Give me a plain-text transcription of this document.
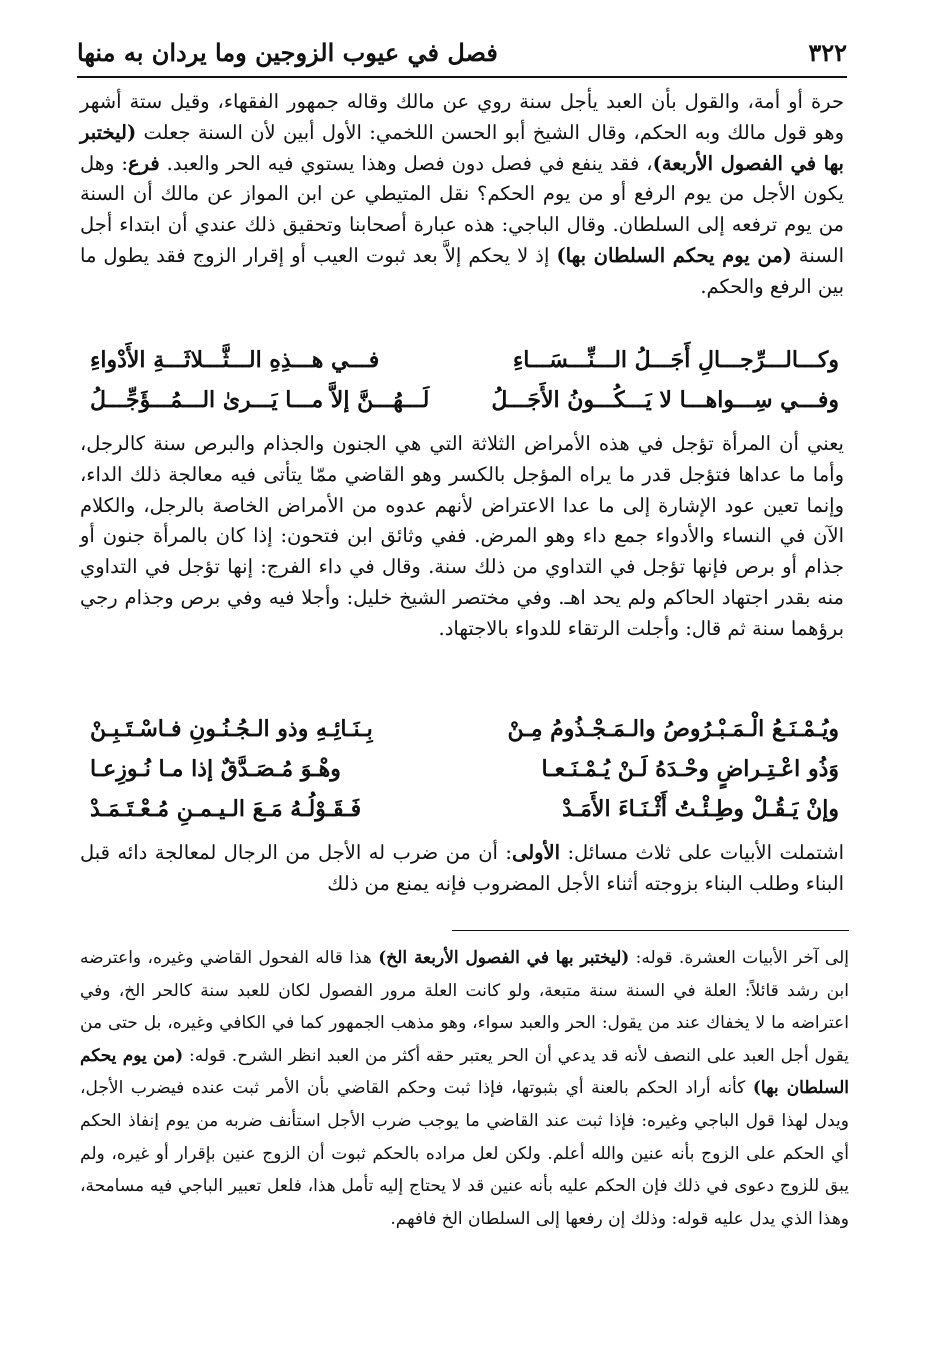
٣٢٢
فصل في عيوب الزوجين وما يردان به منها
حرة أو أمة، والقول بأن العبد يأجل سنة روي عن مالك وقاله جمهور الفقهاء، وقيل ستة أشهر وهو قول مالك وبه الحكم، وقال الشيخ أبو الحسن اللخمي: الأول أبين لأن السنة جعلت (ليختبر بها في الفصول الأربعة)، فقد ينفع في فصل دون فصل وهذا يستوي فيه الحر والعبد. فرع: وهل يكون الأجل من يوم الرفع أو من يوم الحكم؟ نقل المتيطي عن ابن المواز عن مالك أن السنة من يوم ترفعه إلى السلطان. وقال الباجي: هذه عبارة أصحابنا وتحقيق ذلك عندي أن ابتداء أجل السنة (من يوم يحكم السلطان بها) إذ لا يحكم إلاَّ بعد ثبوت العيب أو إقرار الزوج فقد يطول ما بين الرفع والحكم.
وكـــالـــرِّجـــالِ أَجَـــلُ الـــنِّـــسَـــاءِ
فـــي هـــذِهِ الـــثَّـــلاثَـــةِ الأَدْواءِ
وفـــي سِـــواهـــا لا يَـــكُـــونُ الأَجَـــلُ
لَـــهُـــنَّ إلاَّ مـــا يَـــرىٰ الـــمُـــؤَجِّـــلُ
يعني أن المرأة تؤجل في هذه الأمراض الثلاثة التي هي الجنون والجذام والبرص سنة كالرجل، وأما ما عداها فتؤجل قدر ما يراه المؤجل بالكسر وهو القاضي ممّا يتأتى فيه معالجة ذلك الداء، وإنما تعين عود الإشارة إلى ما عدا الاعتراض لأنهم عدوه من الأمراض الخاصة بالرجل، والكلام الآن في النساء والأدواء جمع داء وهو المرض. ففي وثائق ابن فتحون: إذا كان بالمرأة جنون أو جذام أو برص فإنها تؤجل في التداوي من ذلك سنة. وقال في داء الفرج: إنها تؤجل في التداوي منه بقدر اجتهاد الحاكم ولم يحد اهـ. وفي مختصر الشيخ خليل: وأجلا فيه وفي برص وجذام رجي برؤهما سنة ثم قال: وأجلت الرتقاء للدواء بالاجتهاد.
ويُـمْـنَـعُ الْـمَـبْـرُوصُ والـمَـجْـذُومُ مِـنْ
بِـنَـائِـهِ وذو الـجُـنُـونِ فـاسْـتَـبِـنْ
وَذُو اعْـتِـراضٍ وحْـدَهُ لَـنْ يُـمْـنَـعـا
وهْـوَ مُـصَـدَّقٌ إذا مـا نُـوزِعـا
وإنْ يَـقُـلْ وطِـئْـتُ أَثْـنَـاءَ الأَمَـدْ
فَـقَـوْلُـهُ مَـعَ الـيـمـنِ مُـعْـتَـمَـدْ
اشتملت الأبيات على ثلاث مسائل: الأولى: أن من ضرب له الأجل من الرجال لمعالجة دائه قبل البناء وطلب البناء بزوجته أثناء الأجل المضروب فإنه يمنع من ذلك
إلى آخر الأبيات العشرة. قوله: (ليختبر بها في الفصول الأربعة الخ) هذا قاله الفحول القاضي وغيره، واعترضه ابن رشد قائلاً: العلة في السنة سنة متبعة، ولو كانت العلة مرور الفصول لكان للعبد سنة كالحر الخ، وفي اعتراضه ما لا يخفاك عند من يقول: الحر والعبد سواء، وهو مذهب الجمهور كما في الكافي وغيره، بل حتى من يقول أجل العبد على النصف لأنه قد يدعي أن الحر يعتبر حقه أكثر من العبد انظر الشرح. قوله: (من يوم يحكم السلطان بها) كأنه أراد الحكم بالعنة أي بثبوتها، فإذا ثبت وحكم القاضي بأن الأمر ثبت عنده فيضرب الأجل، ويدل لهذا قول الباجي وغيره: فإذا ثبت عند القاضي ما يوجب ضرب الأجل استأنف ضربه من يوم إنفاذ الحكم أي الحكم على الزوج بأنه عنين والله أعلم. ولكن لعل مراده بالحكم ثبوت أن الزوج عنين بإقرار أو غيره، ولم يبق للزوج دعوى في ذلك فإن الحكم عليه بأنه عنين قد لا يحتاج إليه تأمل هذا، فلعل تعبير الباجي فيه مسامحة، وهذا الذي يدل عليه قوله: وذلك إن رفعها إلى السلطان الخ فافهم.
